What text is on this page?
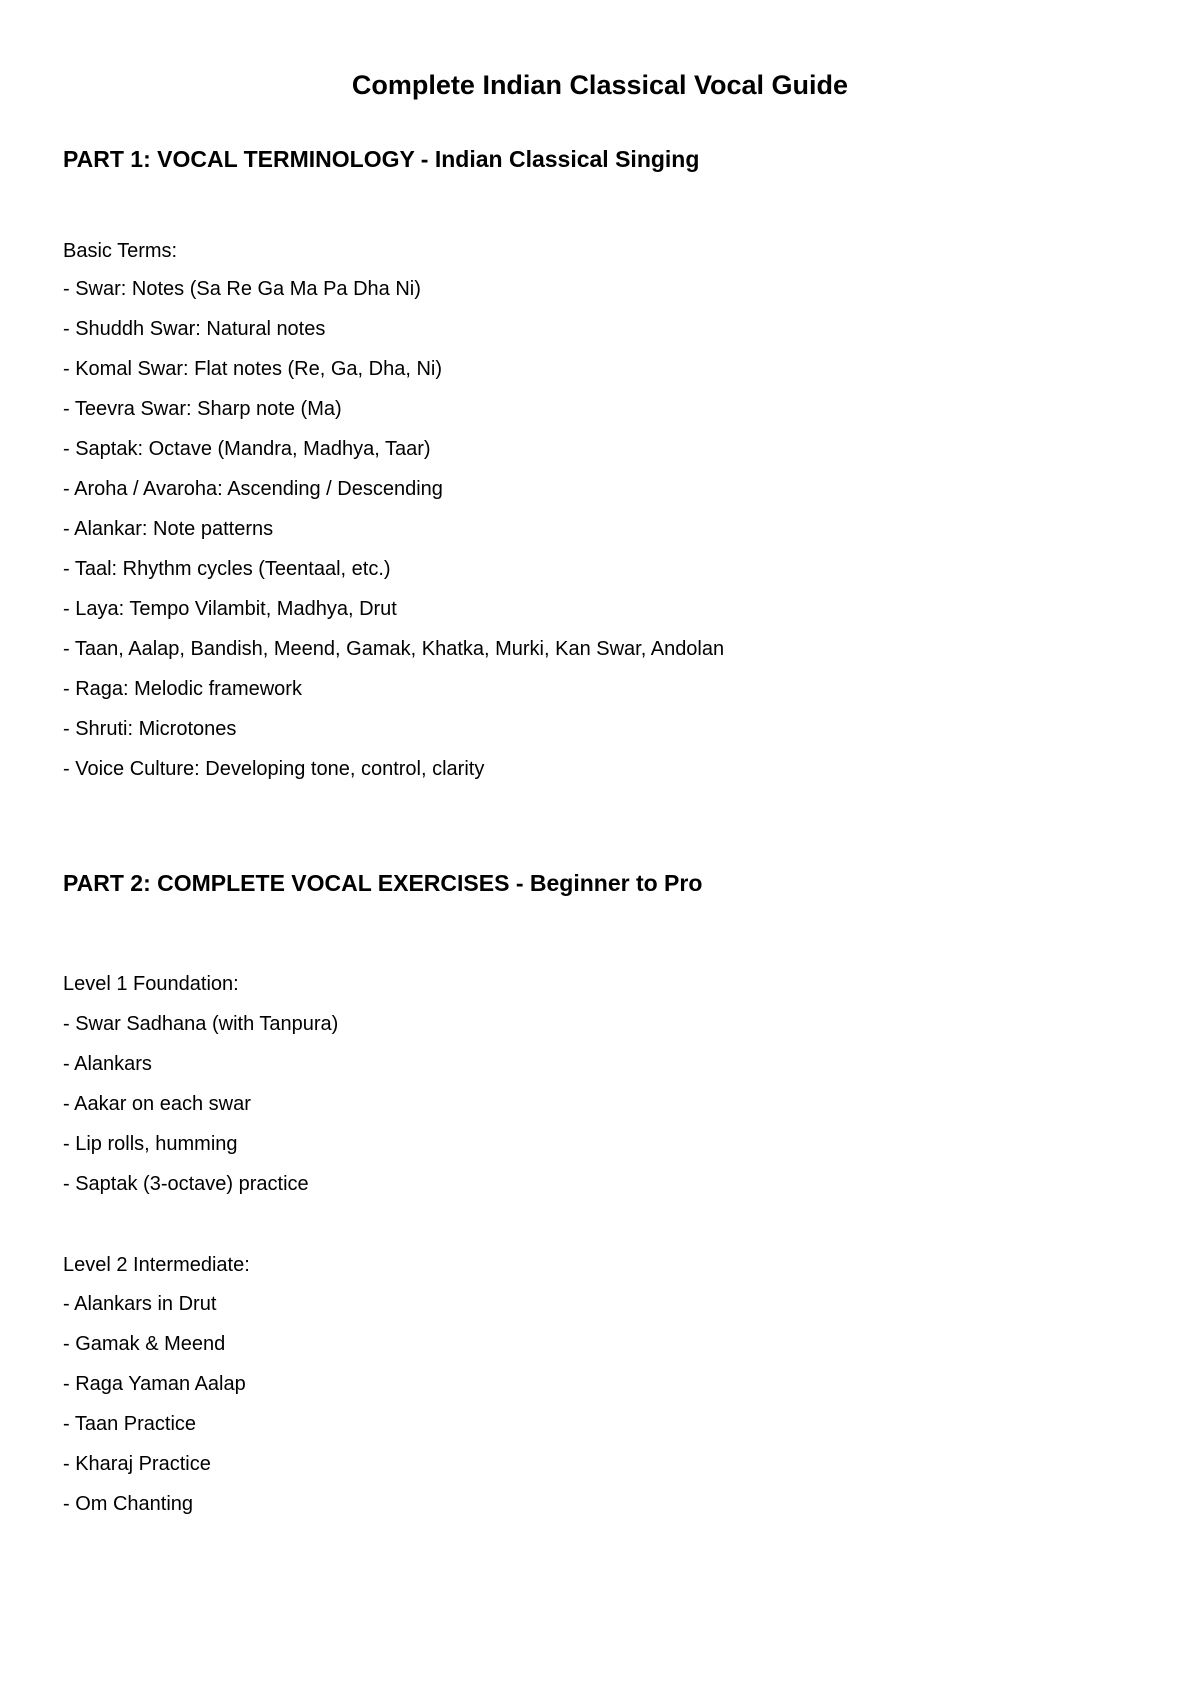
Complete Indian Classical Vocal Guide
PART 1: VOCAL TERMINOLOGY - Indian Classical Singing
Basic Terms:
- Swar: Notes (Sa Re Ga Ma Pa Dha Ni)
- Shuddh Swar: Natural notes
- Komal Swar: Flat notes (Re, Ga, Dha, Ni)
- Teevra Swar: Sharp note (Ma)
- Saptak: Octave (Mandra, Madhya, Taar)
- Aroha / Avaroha: Ascending / Descending
- Alankar: Note patterns
- Taal: Rhythm cycles (Teentaal, etc.)
- Laya: Tempo Vilambit, Madhya, Drut
- Taan, Aalap, Bandish, Meend, Gamak, Khatka, Murki, Kan Swar, Andolan
- Raga: Melodic framework
- Shruti: Microtones
- Voice Culture: Developing tone, control, clarity
PART 2: COMPLETE VOCAL EXERCISES - Beginner to Pro
Level 1 Foundation:
- Swar Sadhana (with Tanpura)
- Alankars
- Aakar on each swar
- Lip rolls, humming
- Saptak (3-octave) practice
Level 2 Intermediate:
- Alankars in Drut
- Gamak & Meend
- Raga Yaman Aalap
- Taan Practice
- Kharaj Practice
- Om Chanting
